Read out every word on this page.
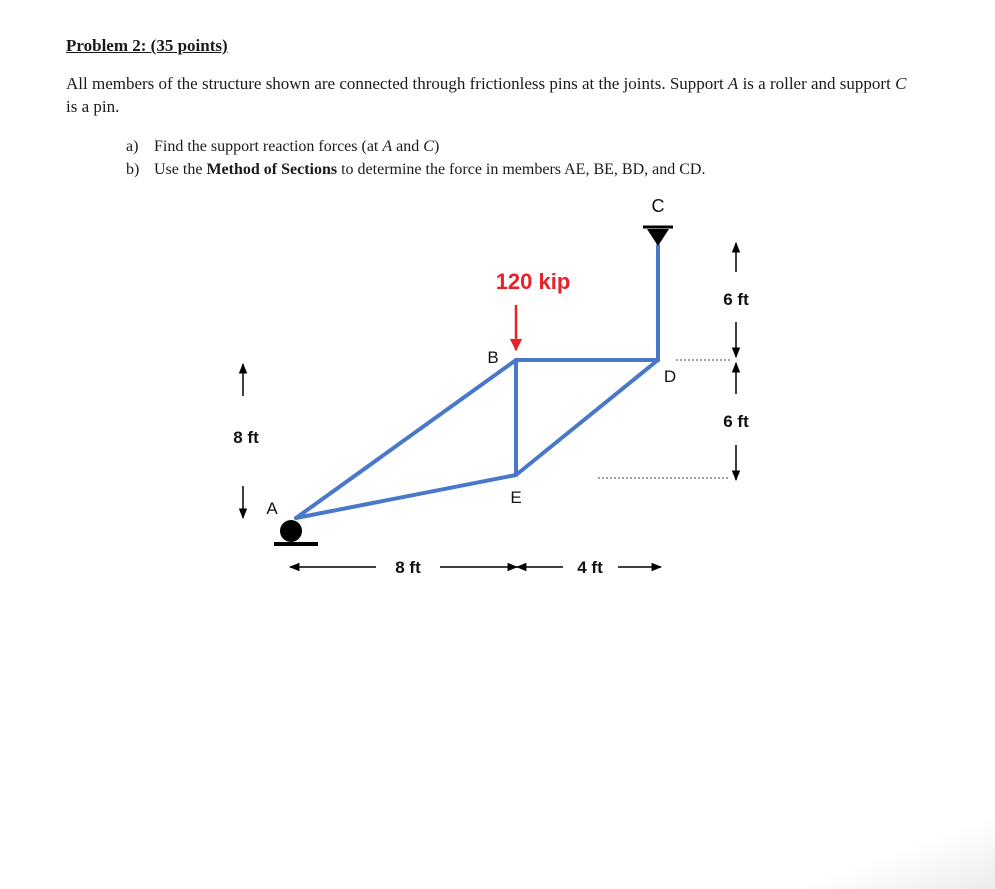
Problem 2: (35 points)
All members of the structure shown are connected through frictionless pins at the joints. Support A is a roller and support C is a pin.
a) Find the support reaction forces (at A and C)
b) Use the Method of Sections to determine the force in members AE, BE, BD, and CD.
120 kip
A
B
C
D
E
8 ft
8 ft	4 ft
6 ft
6 ft
